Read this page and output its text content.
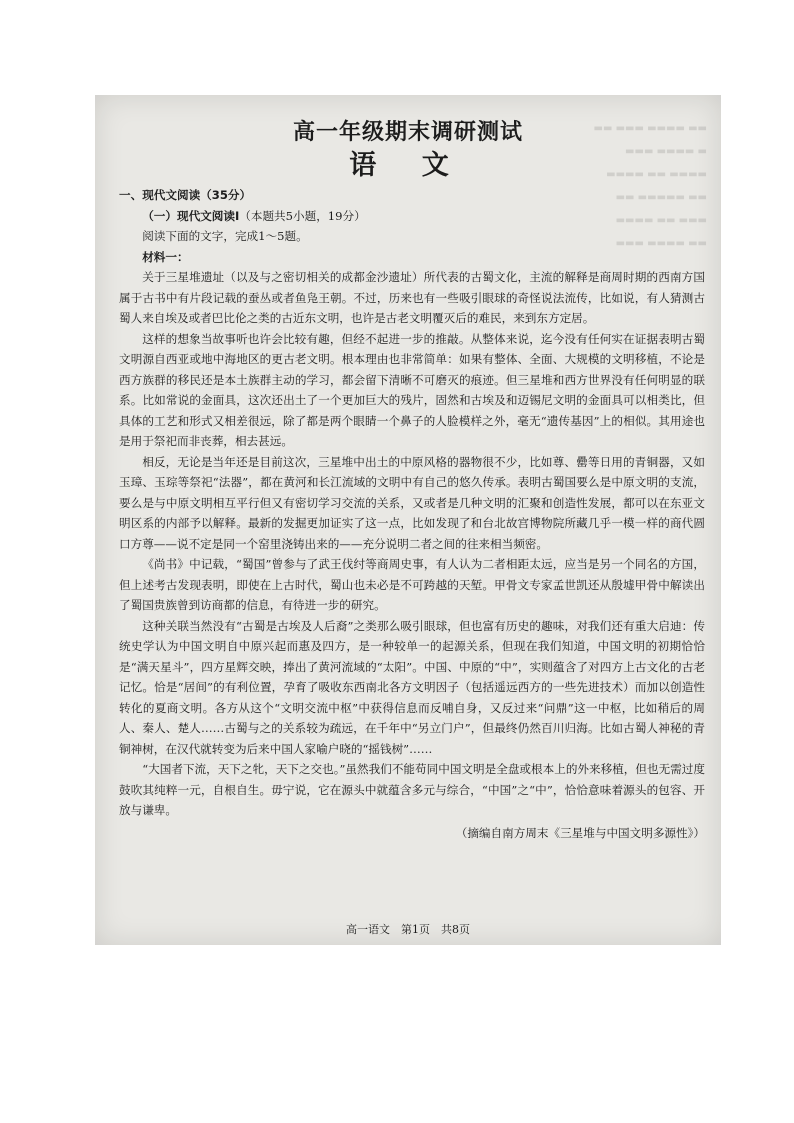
▬▬ ▬▬▬ ▬▬▬▬ ▬▬
▬▬▬ ▬▬▬▬ ▬
▬▬▬▬ ▬▬ ▬▬▬▬
▬▬ ▬▬▬▬▬ ▬▬
▬▬▬▬ ▬▬ ▬▬▬
▬▬▬ ▬▬▬▬ ▬▬
高一年级期末调研测试
语 文

一、现代文阅读（35分）

（一）现代文阅读Ⅰ（本题共5小题，19分）

阅读下面的文字，完成1～5题。

材料一：

关于三星堆遗址（以及与之密切相关的成都金沙遗址）所代表的古蜀文化，主流的解释是商周时期的西南方国属于古书中有片段记载的蚕丛或者鱼凫王朝。不过，历来也有一些吸引眼球的奇怪说法流传，比如说，有人猜测古蜀人来自埃及或者巴比伦之类的古近东文明，也许是古老文明覆灭后的难民，来到东方定居。

这样的想象当故事听也许会比较有趣，但经不起进一步的推敲。从整体来说，迄今没有任何实在证据表明古蜀文明源自西亚或地中海地区的更古老文明。根本理由也非常简单：如果有整体、全面、大规模的文明移植，不论是西方族群的移民还是本土族群主动的学习，都会留下清晰不可磨灭的痕迹。但三星堆和西方世界没有任何明显的联系。比如常说的金面具，这次还出土了一个更加巨大的残片，固然和古埃及和迈锡尼文明的金面具可以相类比，但具体的工艺和形式又相差很远，除了都是两个眼睛一个鼻子的人脸模样之外，毫无“遗传基因”上的相似。其用途也是用于祭祀而非丧葬，相去甚远。

相反，无论是当年还是目前这次，三星堆中出土的中原风格的器物很不少，比如尊、罍等日用的青铜器，又如玉璋、玉琮等祭祀“法器”，都在黄河和长江流域的文明中有自己的悠久传承。表明古蜀国要么是中原文明的支流，要么是与中原文明相互平行但又有密切学习交流的关系，又或者是几种文明的汇聚和创造性发展，都可以在东亚文明区系的内部予以解释。最新的发掘更加证实了这一点，比如发现了和台北故宫博物院所藏几乎一模一样的商代圆口方尊——说不定是同一个窑里浇铸出来的——充分说明二者之间的往来相当频密。

《尚书》中记载，“蜀国”曾参与了武王伐纣等商周史事，有人认为二者相距太远，应当是另一个同名的方国，但上述考古发现表明，即使在上古时代，蜀山也未必是不可跨越的天堑。甲骨文专家孟世凯还从殷墟甲骨中解读出了蜀国贵族曾到访商都的信息，有待进一步的研究。

这种关联当然没有“古蜀是古埃及人后裔”之类那么吸引眼球，但也富有历史的趣味，对我们还有重大启迪：传统史学认为中国文明自中原兴起而惠及四方，是一种较单一的起源关系，但现在我们知道，中国文明的初期恰恰是“满天星斗”，四方星辉交映，捧出了黄河流域的“太阳”。中国、中原的“中”，实则蕴含了对四方上古文化的古老记忆。恰是“居间”的有利位置，孕育了吸收东西南北各方文明因子（包括遥远西方的一些先进技术）而加以创造性转化的夏商文明。各方从这个“文明交流中枢”中获得信息而反哺自身，又反过来“问鼎”这一中枢，比如稍后的周人、秦人、楚人……古蜀与之的关系较为疏远，在千年中“另立门户”，但最终仍然百川归海。比如古蜀人神秘的青铜神树，在汉代就转变为后来中国人家喻户晓的“摇钱树”……

“大国者下流，天下之牝，天下之交也。”虽然我们不能苟同中国文明是全盘或根本上的外来移植，但也无需过度鼓吹其纯粹一元，自根自生。毋宁说，它在源头中就蕴含多元与综合，“中国”之“中”，恰恰意味着源头的包容、开放与谦卑。

（摘编自南方周末《三星堆与中国文明多源性》）

高一语文　第1页　共8页
